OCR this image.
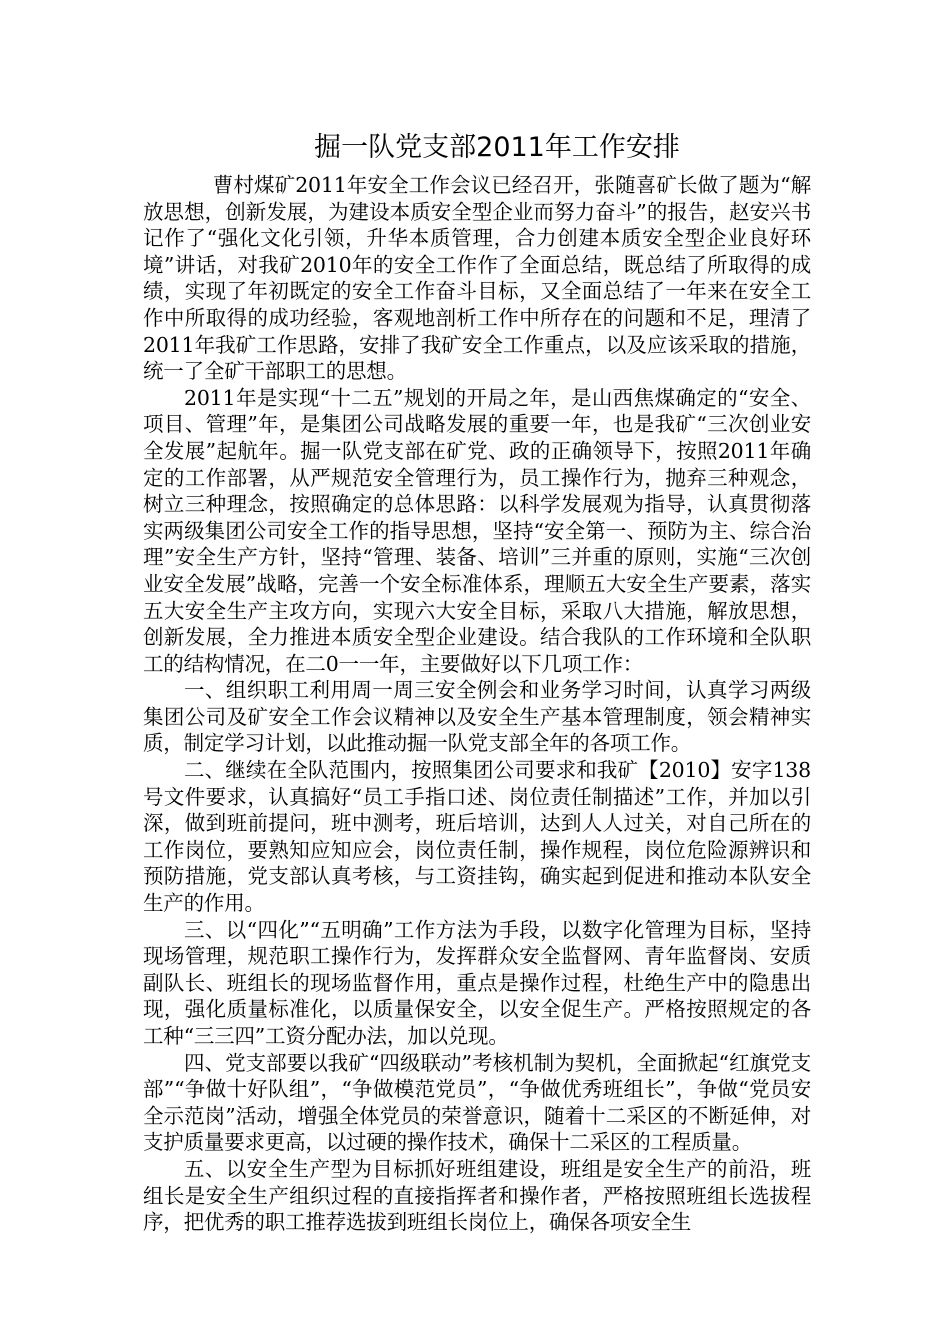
掘一队党支部2011年工作安排

曹村煤矿2011年安全工作会议已经召开，张随喜矿长做了题为“解放思想，创新发展，为建设本质安全型企业而努力奋斗”的报告，赵安兴书记作了“强化文化引领，升华本质管理，合力创建本质安全型企业良好环境”讲话，对我矿2010年的安全工作作了全面总结，既总结了所取得的成绩，实现了年初既定的安全工作奋斗目标，又全面总结了一年来在安全工作中所取得的成功经验，客观地剖析工作中所存在的问题和不足，理清了2011年我矿工作思路，安排了我矿安全工作重点，以及应该采取的措施，统一了全矿干部职工的思想。

2011年是实现“十二五”规划的开局之年，是山西焦煤确定的“安全、项目、管理”年，是集团公司战略发展的重要一年，也是我矿“三次创业安全发展”起航年。掘一队党支部在矿党、政的正确领导下，按照2011年确定的工作部署，从严规范安全管理行为，员工操作行为，抛弃三种观念，树立三种理念，按照确定的总体思路：以科学发展观为指导，认真贯彻落实两级集团公司安全工作的指导思想，坚持“安全第一、预防为主、综合治理”安全生产方针，坚持“管理、装备、培训”三并重的原则，实施“三次创业安全发展”战略，完善一个安全标准体系，理顺五大安全生产要素，落实五大安全生产主攻方向，实现六大安全目标，采取八大措施，解放思想，创新发展，全力推进本质安全型企业建设。结合我队的工作环境和全队职工的结构情况，在二0一一年，主要做好以下几项工作：

一、组织职工利用周一周三安全例会和业务学习时间，认真学习两级集团公司及矿安全工作会议精神以及安全生产基本管理制度，领会精神实质，制定学习计划，以此推动掘一队党支部全年的各项工作。

二、继续在全队范围内，按照集团公司要求和我矿【2010】安字138号文件要求，认真搞好“员工手指口述、岗位责任制描述”工作，并加以引深，做到班前提问，班中测考，班后培训，达到人人过关，对自己所在的工作岗位，要熟知应知应会，岗位责任制，操作规程，岗位危险源辨识和预防措施，党支部认真考核，与工资挂钩，确实起到促进和推动本队安全生产的作用。

三、以“四化”“五明确”工作方法为手段，以数字化管理为目标，坚持现场管理，规范职工操作行为，发挥群众安全监督网、青年监督岗、安质副队长、班组长的现场监督作用，重点是操作过程，杜绝生产中的隐患出现，强化质量标准化，以质量保安全，以安全促生产。严格按照规定的各工种“三三四”工资分配办法，加以兑现。

四、党支部要以我矿“四级联动”考核机制为契机，全面掀起“红旗党支部”“争做十好队组”，“争做模范党员”，“争做优秀班组长”，争做“党员安全示范岗”活动，增强全体党员的荣誉意识，随着十二采区的不断延伸，对支护质量要求更高，以过硬的操作技术，确保十二采区的工程质量。

五、以安全生产型为目标抓好班组建设，班组是安全生产的前沿，班组长是安全生产组织过程的直接指挥者和操作者，严格按照班组长选拔程序，把优秀的职工推荐选拔到班组长岗位上，确保各项安全生
